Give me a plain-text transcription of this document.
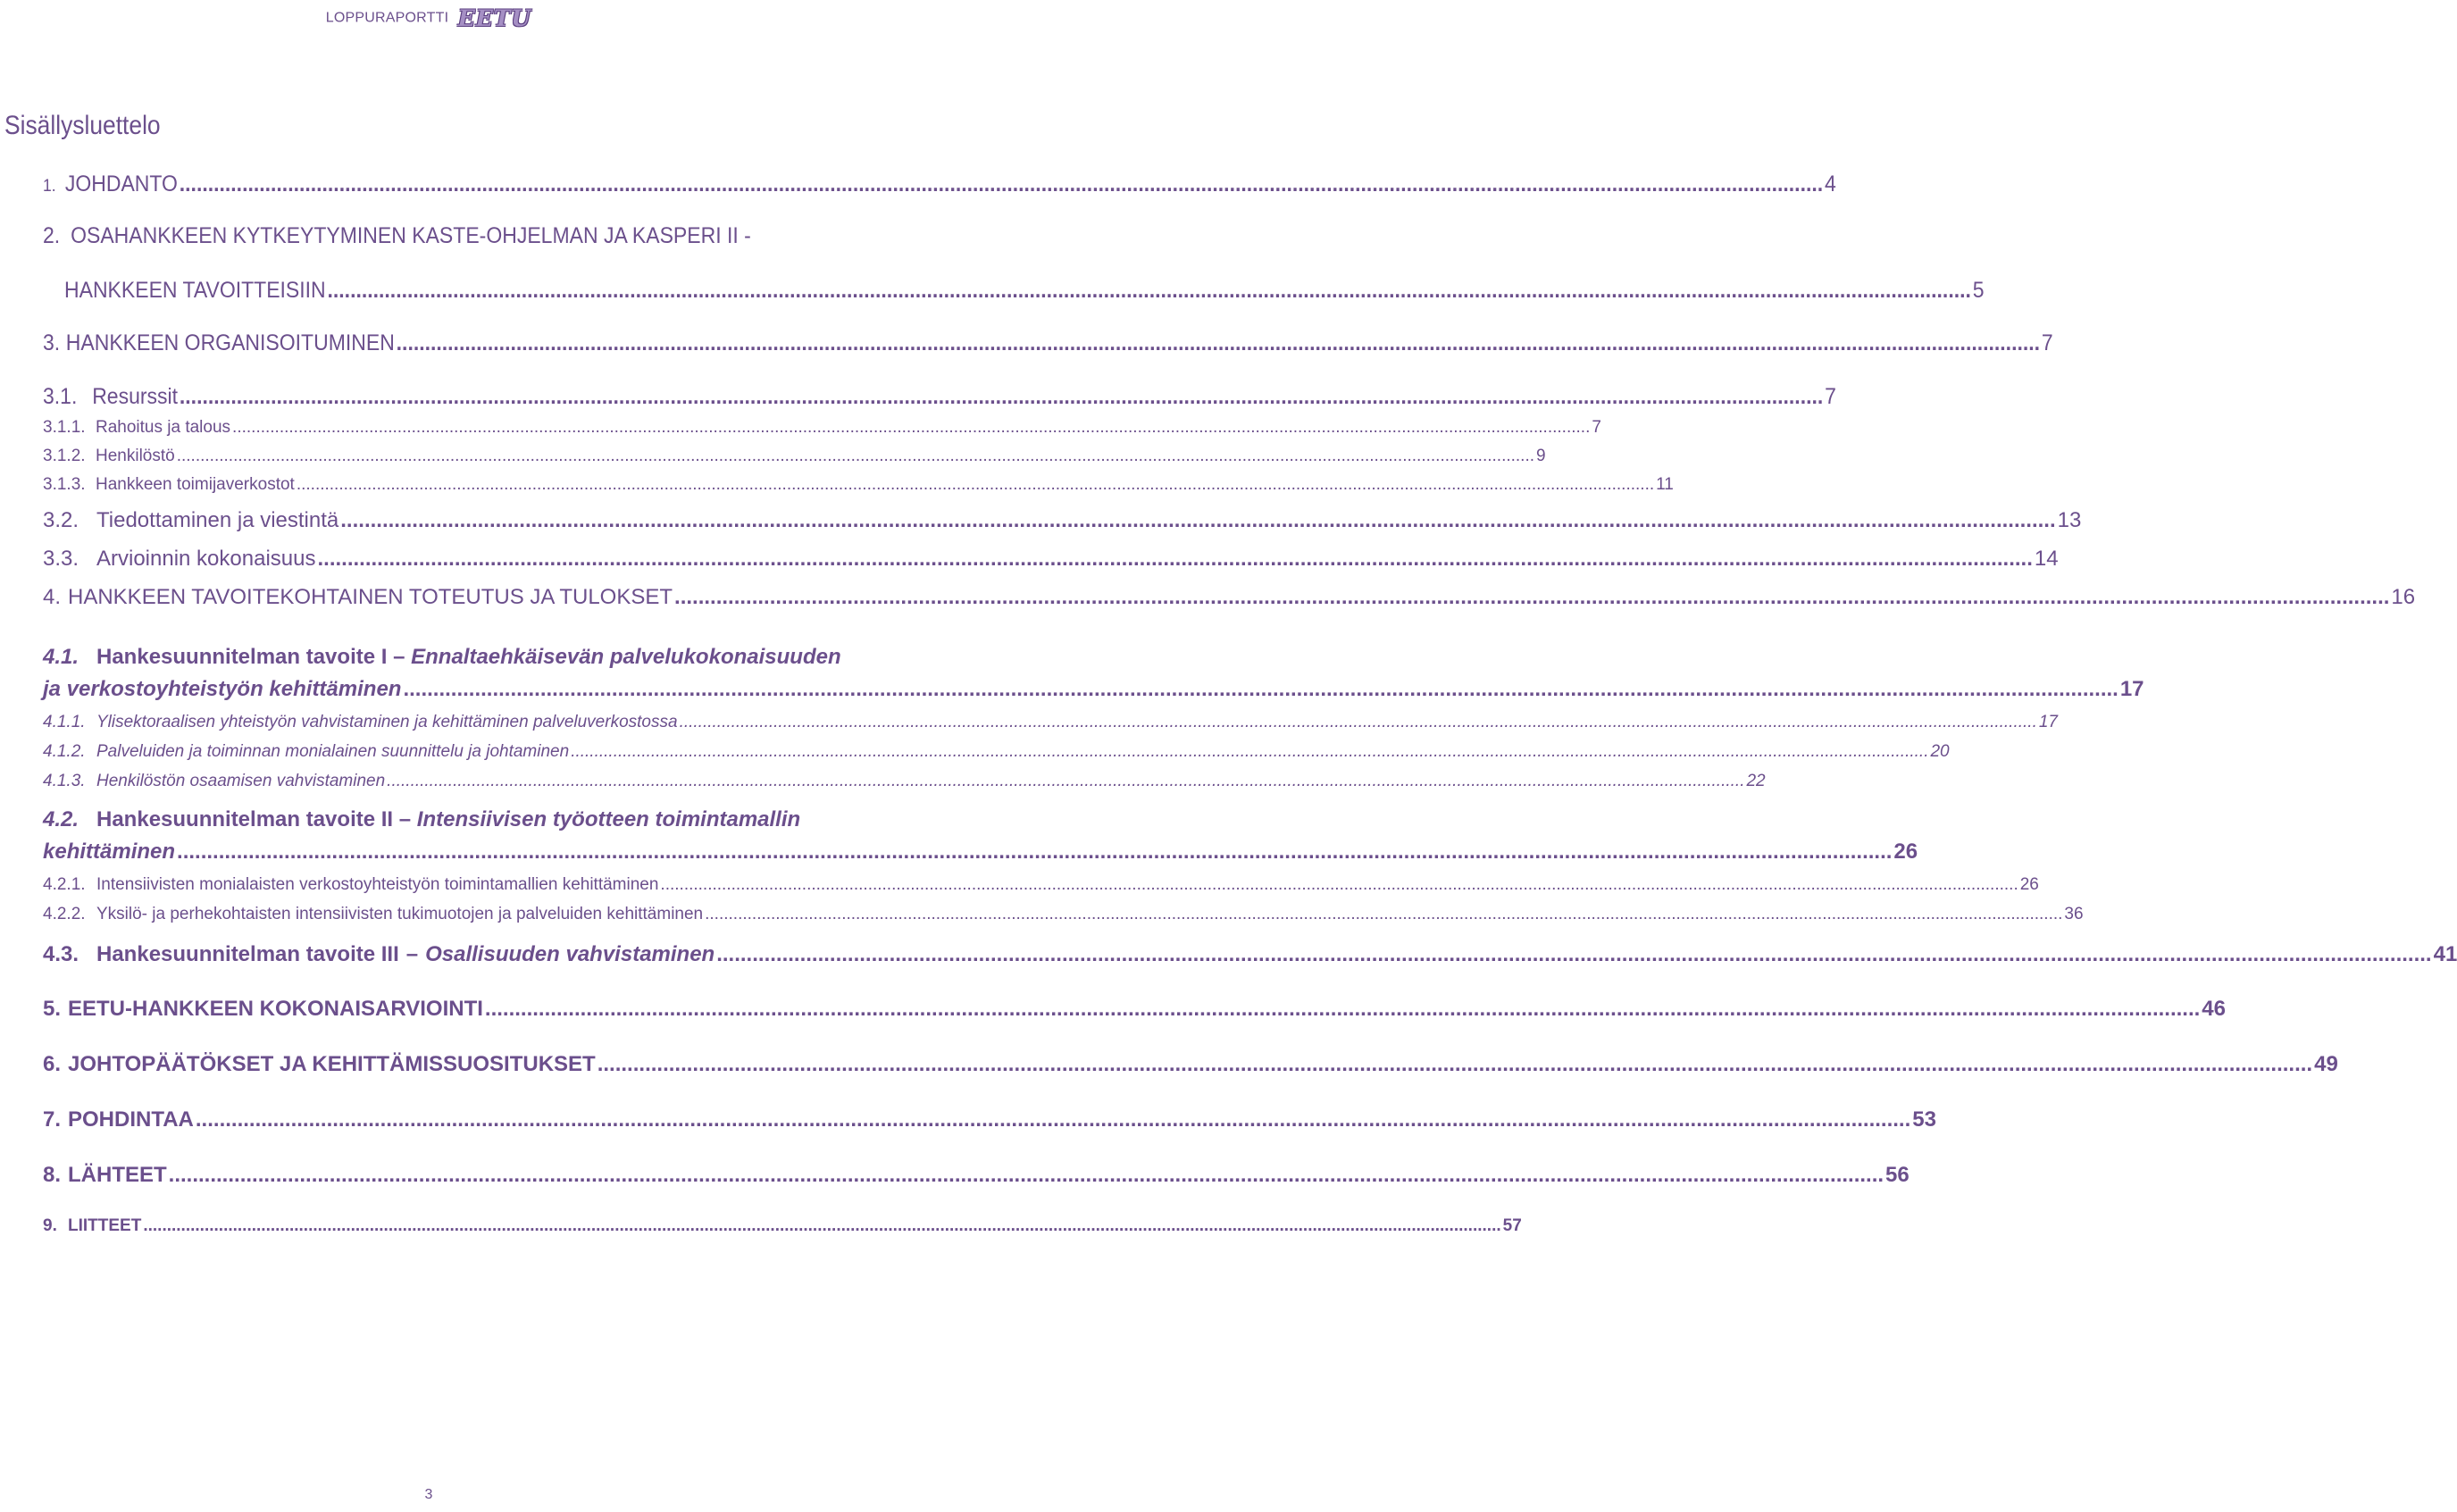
LOPPURAPORTTI EETU
Sisällysluettelo
1. JOHDANTO .....	4
2. OSAHANKKEEN KYTKEYTYMINEN KASTE-OHJELMAN JA KASPERI II -
HANKKEEN TAVOITTEISIIN .....	5
3. HANKKEEN ORGANISOITUMINEN .....	7
3.1. Resurssit .....	7
3.1.1. Rahoitus ja talous .....	7
3.1.2. Henkilöstö .....	9
3.1.3. Hankkeen toimijaverkostot .....	11
3.2. Tiedottaminen ja viestintä .....	13
3.3. Arvioinnin kokonaisuus .....	14
4. HANKKEEN TAVOITEKOHTAINEN TOTEUTUS JA TULOKSET .....	16
4.1. Hankesuunnitelman tavoite I – Ennaltaehkäisevän palvelukokonaisuuden
ja verkostoyhteistyön kehittäminen .....	17
4.1.1. Ylisektoraalisen yhteistyön vahvistaminen ja kehittäminen palveluverkostossa .....	17
4.1.2. Palveluiden ja toiminnan monialainen suunnittelu ja johtaminen .....	20
4.1.3. Henkilöstön osaamisen vahvistaminen .....	22
4.2. Hankesuunnitelman tavoite II – Intensiivisen työotteen toimintamallin
kehittäminen .....	26
4.2.1. Intensiivisten monialaisten verkostoyhteistyön toimintamallien kehittäminen .....	26
4.2.2. Yksilö- ja perhekohtaisten intensiivisten tukimuotojen ja palveluiden kehittäminen .....	36
4.3. Hankesuunnitelman tavoite III – Osallisuuden vahvistaminen .....	41
5. EETU-HANKKEEN KOKONAISARVIOINTI .....	46
6. JOHTOPÄÄTÖKSET JA KEHITTÄMISSUOSITUKSET .....	49
7. POHDINTAA .....	53
8. LÄHTEET .....	56
9. LIITTEET .....	57
3
